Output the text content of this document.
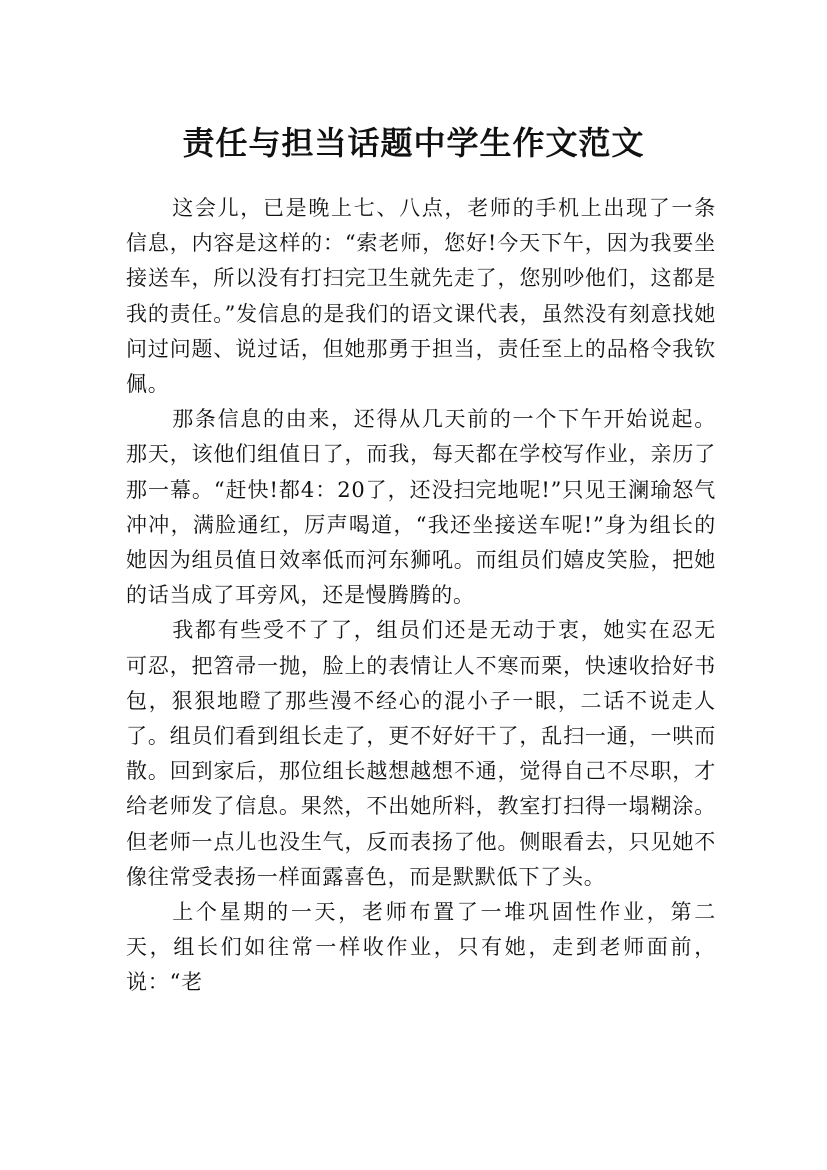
责任与担当话题中学生作文范文

这会儿，已是晚上七、八点，老师的手机上出现了一条信息，内容是这样的：“索老师，您好!今天下午，因为我要坐接送车，所以没有打扫完卫生就先走了，您别吵他们，这都是我的责任。”发信息的是我们的语文课代表，虽然没有刻意找她问过问题、说过话，但她那勇于担当，责任至上的品格令我钦佩。

那条信息的由来，还得从几天前的一个下午开始说起。那天，该他们组值日了，而我，每天都在学校写作业，亲历了那一幕。“赶快!都4：20了，还没扫完地呢!”只见王澜瑜怒气冲冲，满脸通红，厉声喝道，“我还坐接送车呢!”身为组长的她因为组员值日效率低而河东狮吼。而组员们嬉皮笑脸，把她的话当成了耳旁风，还是慢腾腾的。

我都有些受不了了，组员们还是无动于衷，她实在忍无可忍，把笤帚一抛，脸上的表情让人不寒而栗，快速收拾好书包，狠狠地瞪了那些漫不经心的混小子一眼，二话不说走人了。组员们看到组长走了，更不好好干了，乱扫一通，一哄而散。回到家后，那位组长越想越想不通，觉得自己不尽职，才给老师发了信息。果然，不出她所料，教室打扫得一塌糊涂。但老师一点儿也没生气，反而表扬了他。侧眼看去，只见她不像往常受表扬一样面露喜色，而是默默低下了头。

上个星期的一天，老师布置了一堆巩固性作业，第二天，组长们如往常一样收作业，只有她，走到老师面前，说：“老
